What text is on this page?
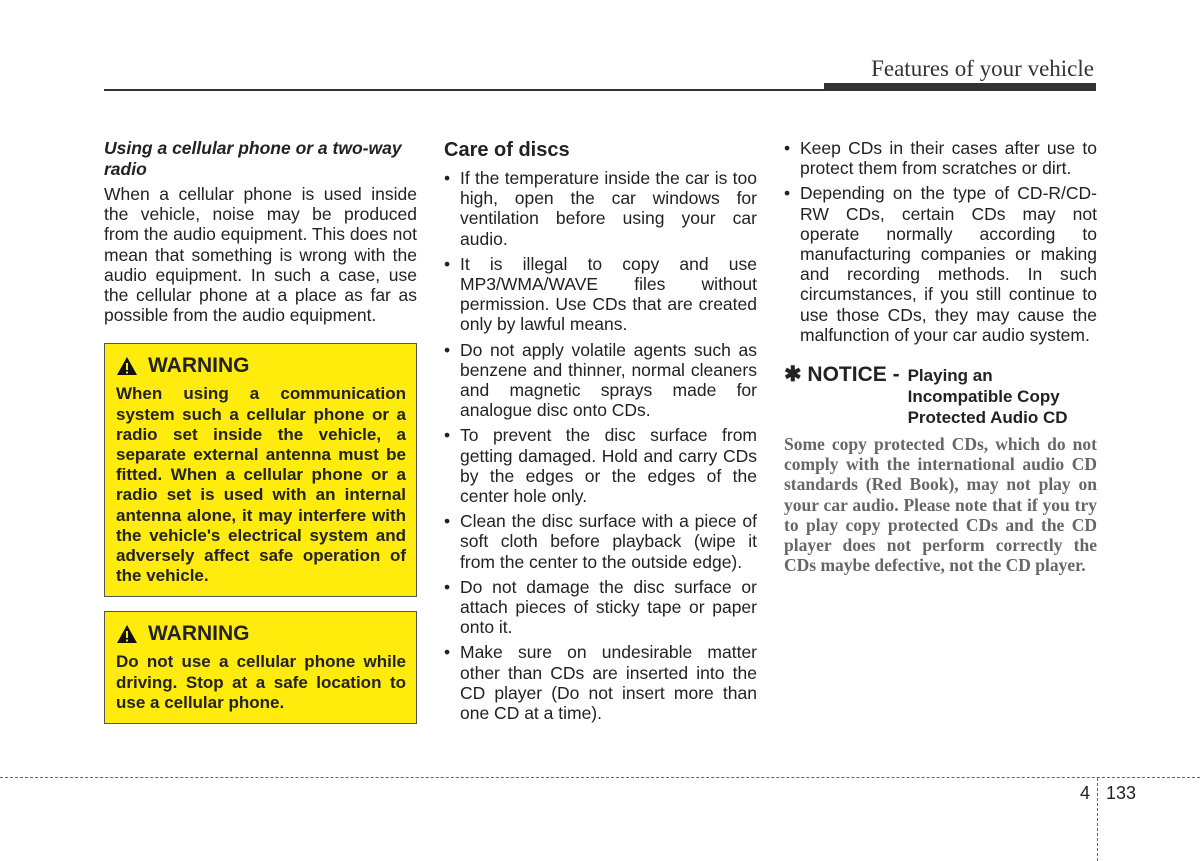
Features of your vehicle

Using a cellular phone or a two-way radio

When a cellular phone is used inside the vehicle, noise may be produced from the audio equipment. This does not mean that something is wrong with the audio equipment. In such a case, use the cellular phone at a place as far as possible from the audio equipment.

WARNING
When using a communication system such a cellular phone or a radio set inside the vehicle, a separate external antenna must be fitted. When a cellular phone or a radio set is used with an internal antenna alone, it may interfere with the vehicle's electrical system and adversely affect safe operation of the vehicle.
WARNING
Do not use a cellular phone while driving. Stop at a safe location to use a cellular phone.

Care of discs

• If the temperature inside the car is too high, open the car windows for ventilation before using your car audio.
• It is illegal to copy and use MP3/WMA/WAVE files without permission. Use CDs that are created only by lawful means.
• Do not apply volatile agents such as benzene and thinner, normal cleaners and magnetic sprays made for analogue disc onto CDs.
• To prevent the disc surface from getting damaged. Hold and carry CDs by the edges or the edges of the center hole only.
• Clean the disc surface with a piece of soft cloth before playback (wipe it from the center to the outside edge).
• Do not damage the disc surface or attach pieces of sticky tape or paper onto it.
• Make sure on undesirable matter other than CDs are inserted into the CD player (Do not insert more than one CD at a time).
• Keep CDs in their cases after use to protect them from scratches or dirt.
• Depending on the type of CD-R/CD-RW CDs, certain CDs may not operate normally according to manufacturing companies or making and recording methods. In such circumstances, if you still continue to use those CDs, they may cause the malfunction of your car audio system.
✱ NOTICE - Playing an
Incompatible Copy
Protected Audio CD
Some copy protected CDs, which do not comply with the international audio CD standards (Red Book), may not play on your car audio. Please note that if you try to play copy protected CDs and the CD player does not perform correctly the CDs maybe defective, not the CD player.
4 133
